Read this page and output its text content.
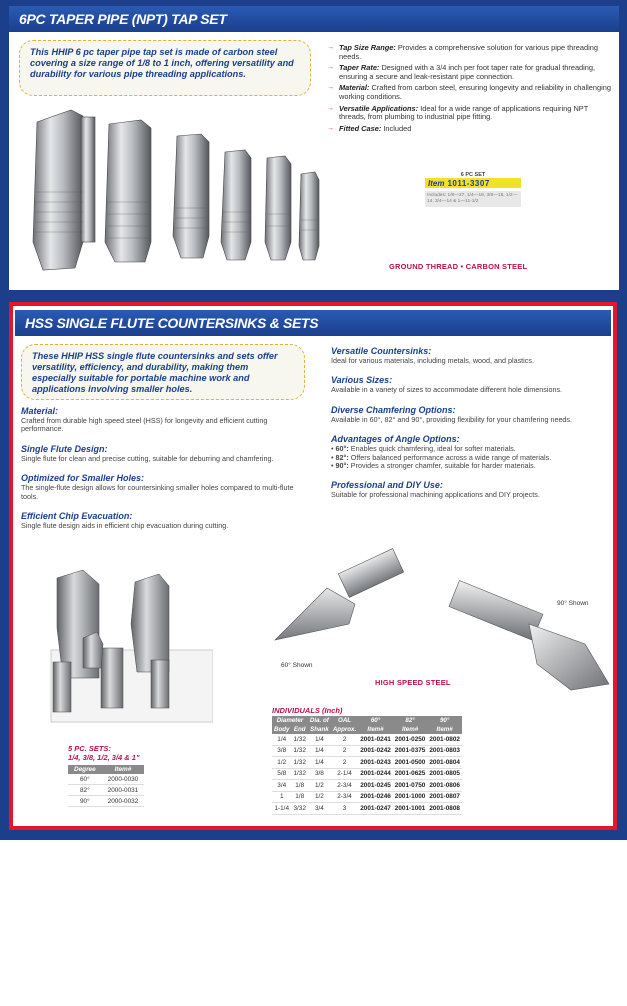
6PC TAPER PIPE (NPT) TAP SET
This HHIP 6 pc taper pipe tap set is made of carbon steel covering a size range of 1/8 to 1 inch, offering versatility and durability for various pipe threading applications.
→ Tap Size Range: Provides a comprehensive solution for various pipe threading needs.
→ Taper Rate: Designed with a 3/4 inch per foot taper rate for gradual threading, ensuring a secure and leak-resistant pipe connection.
→ Material: Crafted from carbon steel, ensuring longevity and reliability in challenging working conditions.
→ Versatile Applications: Ideal for a wide range of applications requiring NPT threads, from plumbing to industrial pipe fitting.
→ Fitted Case: Included
6 PC SET
Item 1011-3307
Includes: 1/8—27, 1/4—18, 3/8—18, 1/2—14, 3/4—14 & 1—11-1/2
GROUND THREAD • CARBON STEEL
HSS SINGLE FLUTE COUNTERSINKS & SETS
These HHIP HSS single flute countersinks and sets offer versatility, efficiency, and durability, making them especially suitable for portable machine work and applications involving smaller holes.
Material:
Crafted from durable high speed steel (HSS) for longevity and efficient cutting performance.
Single Flute Design:
Single flute for clean and precise cutting, suitable for deburring and chamfering.
Optimized for Smaller Holes:
The single-flute design allows for countersinking smaller holes compared to multi-flute tools.
Efficient Chip Evacuation:
Single flute design aids in efficient chip evacuation during cutting.
Versatile Countersinks:
Ideal for various materials, including metals, wood, and plastics.
Various Sizes:
Available in a variety of sizes to accommodate different hole dimensions.
Diverse Chamfering Options:
Available in 60°, 82° and 90°, providing flexibility for your chamfering needs.
Advantages of Angle Options:
• 60°: Enables quick chamfering, ideal for softer materials.
• 82°: Offers balanced performance across a wide range of materials.
• 90°: Provides a stronger chamfer, suitable for harder materials.
Professional and DIY Use:
Suitable for professional machining applications and DIY projects.
60° Shown
90° Shown
HIGH SPEED STEEL
5 PC. SETS:
1/4, 3/8, 1/2, 3/4 & 1"
Degree	Item#
60°	2000-0030
82°	2000-0031
90°	2000-0032
INDIVIDUALS (Inch)
Diameter		Dia. of	OAL	60°	82°	90°
Body	End	Shank	Approx.	Item#	Item#	Item#
1/4	1/32	1/4	2	2001-0241	2001-0250	2001-0802
3/8	1/32	1/4	2	2001-0242	2001-0375	2001-0803
1/2	1/32	1/4	2	2001-0243	2001-0500	2001-0804
5/8	1/32	3/8	2-1/4	2001-0244	2001-0625	2001-0805
3/4	1/8	1/2	2-3/4	2001-0245	2001-0750	2001-0806
1	1/8	1/2	2-3/4	2001-0246	2001-1000	2001-0807
1-1/4	3/32	3/4	3	2001-0247	2001-1001	2001-0808
